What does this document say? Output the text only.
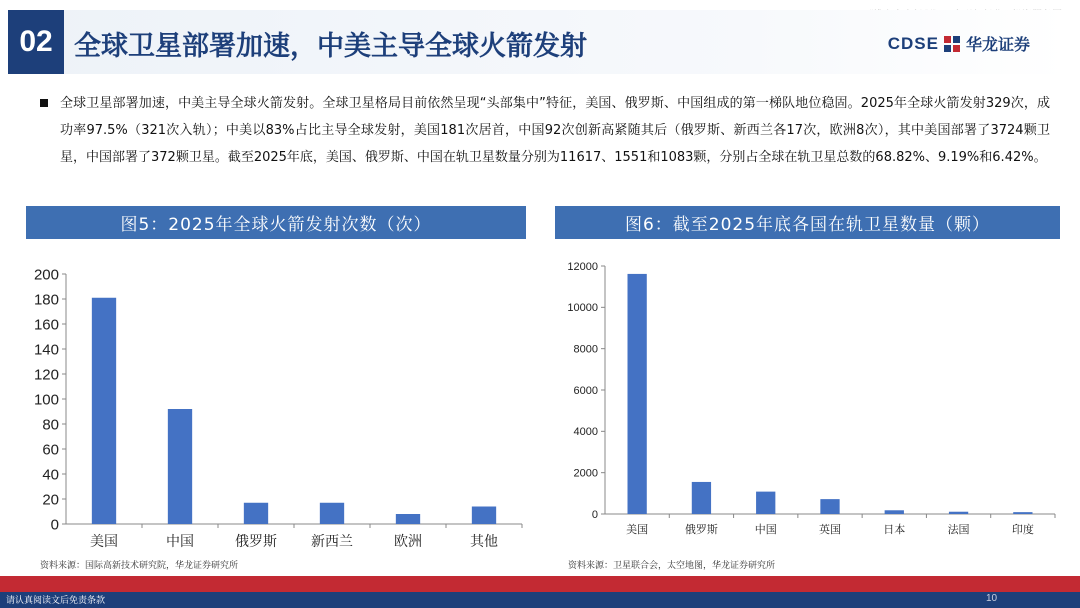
02 全球卫星部署加速，中美主导全球火箭发射	CDSE 华龙证券

全球卫星部署加速，中美主导全球火箭发射。全球卫星格局目前依然呈现“头部集中”特征，美国、俄罗斯、中国组成的第一梯队地位稳固。2025年全球火箭发射329次，成功率97.5%（321次入轨）；中美以83%占比主导全球发射，美国181次居首，中国92次创新高紧随其后（俄罗斯、新西兰各17次，欧洲8次），其中美国部署了3724颗卫星，中国部署了372颗卫星。截至2025年底，美国、俄罗斯、中国在轨卫星数量分别为11617、1551和1083颗，分别占全球在轨卫星总数的68.82%、9.19%和6.42%。

图5：2025年全球火箭发射次数（次）	图6：截至2025年底各国在轨卫星数量（颗）
0
20
40
60
80
100
120
140
160
180
200
美国	中国	俄罗斯 新西兰	欧洲	其他
0
2000
4000
6000
8000
10000
12000
美国	俄罗斯	中国	英国	日本	法国	印度
资料来源：国际高新技术研究院，华龙证券研究所	资料来源：卫星联合会，太空地图，华龙证券研究所
请认真阅读文后免责条款	10
